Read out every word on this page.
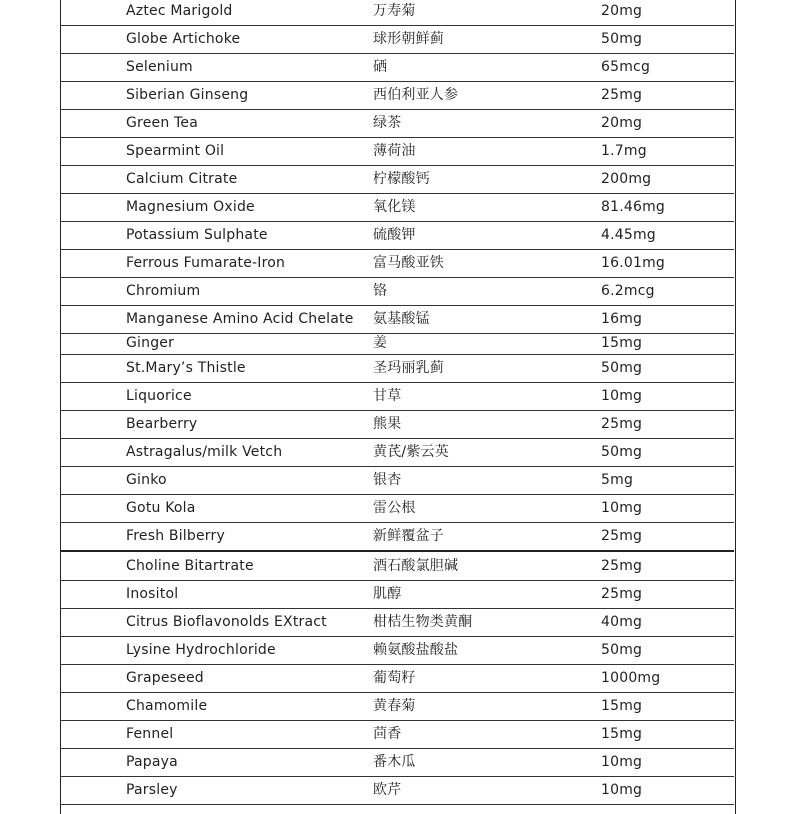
Aztec Marigold	万寿菊	20mg
Globe Artichoke	球形朝鲜蓟	50mg
Selenium	硒	65mcg
Siberian Ginseng	西伯利亚人参	25mg
Green Tea	绿茶	20mg
Spearmint Oil	薄荷油	1.7mg
Calcium Citrate	柠檬酸钙	200mg
Magnesium Oxide	氧化镁	81.46mg
Potassium Sulphate	硫酸钾	4.45mg
Ferrous Fumarate-Iron	富马酸亚铁	16.01mg
Chromium	铬	6.2mcg
Manganese Amino Acid Chelate 氨基酸锰	16mg
Ginger	姜	15mg
St.Mary’s Thistle	圣玛丽乳蓟	50mg
Liquorice	甘草	10mg
Bearberry	熊果	25mg
Astragalus/milk Vetch	黄芪/紫云英	50mg
Ginko	银杏	5mg
Gotu Kola	雷公根	10mg
Fresh Bilberry	新鲜覆盆子	25mg
Choline Bitartrate	酒石酸氯胆碱	25mg
Inositol	肌醇	25mg
Citrus Bioflavonolds EXtract	柑桔生物类黄酮	40mg
Lysine Hydrochloride	赖氨酸盐酸盐	50mg
Grapeseed	葡萄籽	1000mg
Chamomile	黄春菊	15mg
Fennel	茴香	15mg
Papaya	番木瓜	10mg
Parsley	欧芹	10mg
